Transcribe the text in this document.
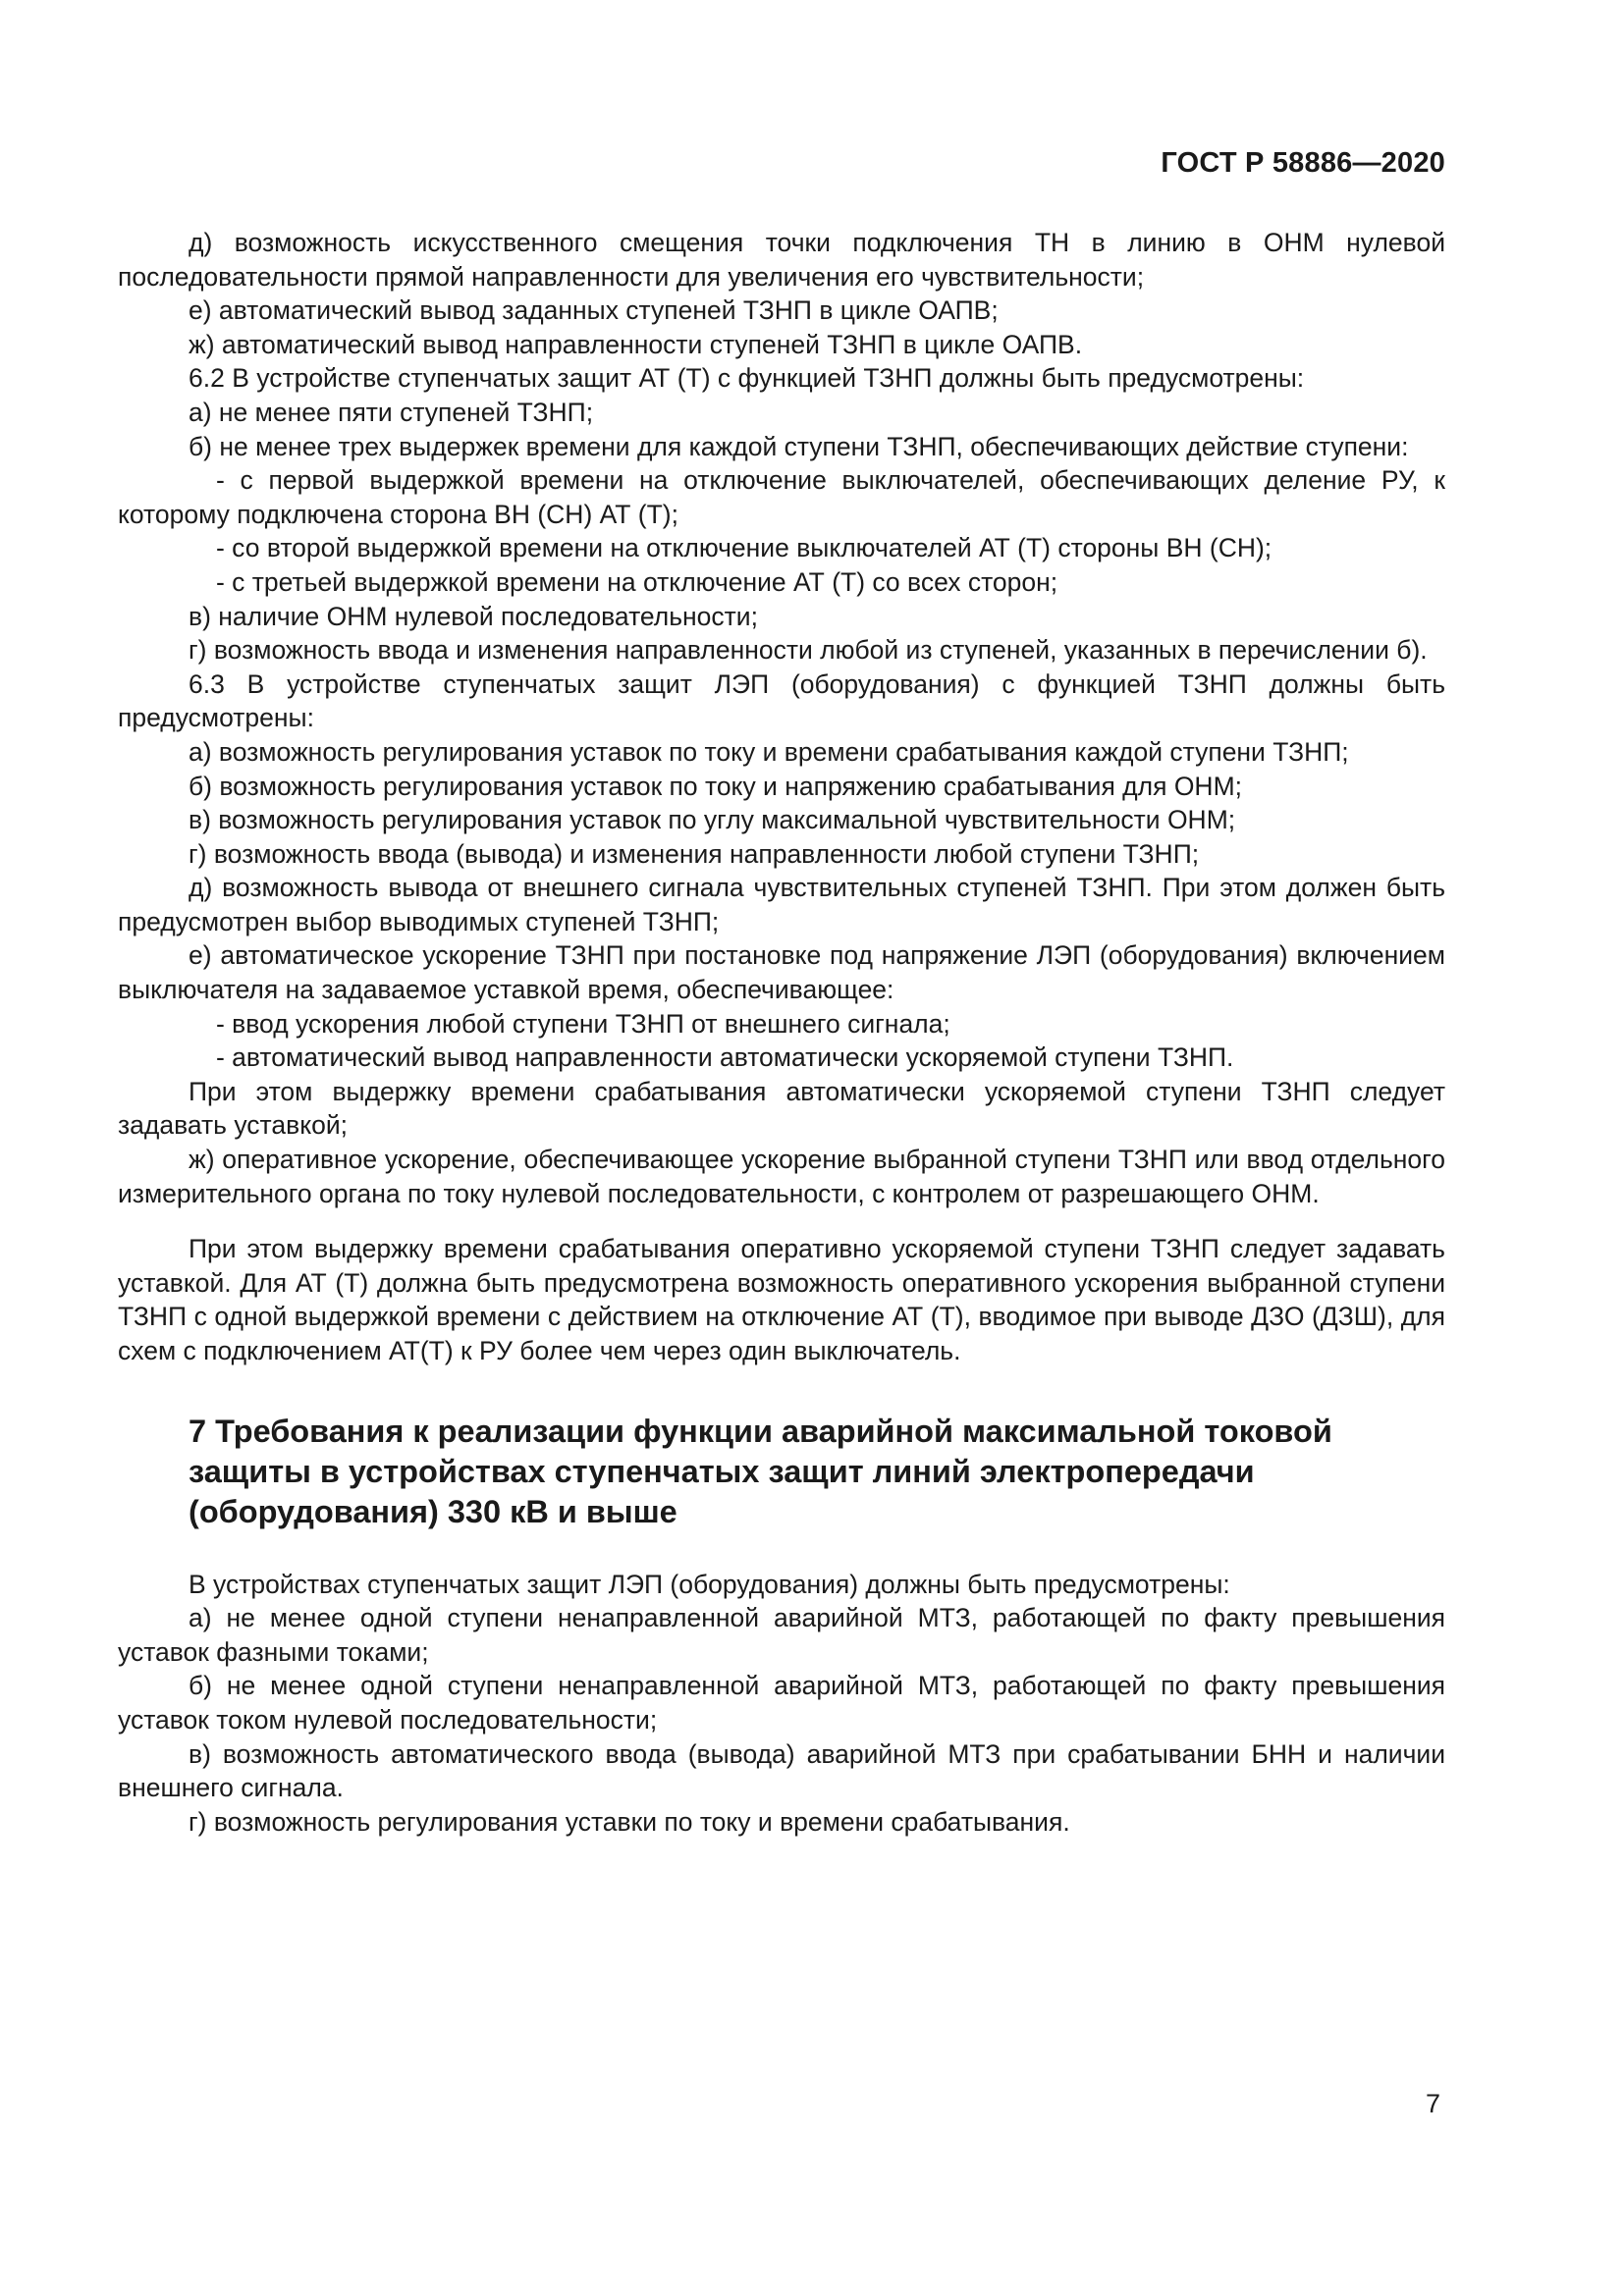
ГОСТ Р 58886—2020

д) возможность искусственного смещения точки подключения ТН в линию в ОНМ нулевой последовательности прямой направленности для увеличения его чувствительности;

е) автоматический вывод заданных ступеней ТЗНП в цикле ОАПВ;

ж) автоматический вывод направленности ступеней ТЗНП в цикле ОАПВ.

6.2 В устройстве ступенчатых защит АТ (Т) с функцией ТЗНП должны быть предусмотрены:

а) не менее пяти ступеней ТЗНП;

б) не менее трех выдержек времени для каждой ступени ТЗНП, обеспечивающих действие ступени:

- с первой выдержкой времени на отключение выключателей, обеспечивающих деление РУ, к которому подключена сторона ВН (СН) АТ (Т);

- со второй выдержкой времени на отключение выключателей АТ (Т) стороны ВН (СН);

- с третьей выдержкой времени на отключение АТ (Т) со всех сторон;

в) наличие ОНМ нулевой последовательности;

г) возможность ввода и изменения направленности любой из ступеней, указанных в перечислении б).

6.3 В устройстве ступенчатых защит ЛЭП (оборудования) с функцией ТЗНП должны быть предусмотрены:

а) возможность регулирования уставок по току и времени срабатывания каждой ступени ТЗНП;

б) возможность регулирования уставок по току и напряжению срабатывания для ОНМ;

в) возможность регулирования уставок по углу максимальной чувствительности ОНМ;

г) возможность ввода (вывода) и изменения направленности любой ступени ТЗНП;

д) возможность вывода от внешнего сигнала чувствительных ступеней ТЗНП. При этом должен быть предусмотрен выбор выводимых ступеней ТЗНП;

е) автоматическое ускорение ТЗНП при постановке под напряжение ЛЭП (оборудования) включением выключателя на задаваемое уставкой время, обеспечивающее:

- ввод ускорения любой ступени ТЗНП от внешнего сигнала;

- автоматический вывод направленности автоматически ускоряемой ступени ТЗНП.

При этом выдержку времени срабатывания автоматически ускоряемой ступени ТЗНП следует задавать уставкой;

ж) оперативное ускорение, обеспечивающее ускорение выбранной ступени ТЗНП или ввод отдельного измерительного органа по току нулевой последовательности, с контролем от разрешающего ОНМ.

При этом выдержку времени срабатывания оперативно ускоряемой ступени ТЗНП следует задавать уставкой. Для АТ (Т) должна быть предусмотрена возможность оперативного ускорения выбранной ступени ТЗНП с одной выдержкой времени с действием на отключение АТ (Т), вводимое при выводе ДЗО (ДЗШ), для схем с подключением АТ(Т) к РУ более чем через один выключатель.

7 Требования к реализации функции аварийной максимальной токовой защиты в устройствах ступенчатых защит линий электропередачи (оборудования) 330 кВ и выше

В устройствах ступенчатых защит ЛЭП (оборудования) должны быть предусмотрены:

а) не менее одной ступени ненаправленной аварийной МТЗ, работающей по факту превышения уставок фазными токами;

б) не менее одной ступени ненаправленной аварийной МТЗ, работающей по факту превышения уставок током нулевой последовательности;

в) возможность автоматического ввода (вывода) аварийной МТЗ при срабатывании БНН и наличии внешнего сигнала.

г) возможность регулирования уставки по току и времени срабатывания.

7
